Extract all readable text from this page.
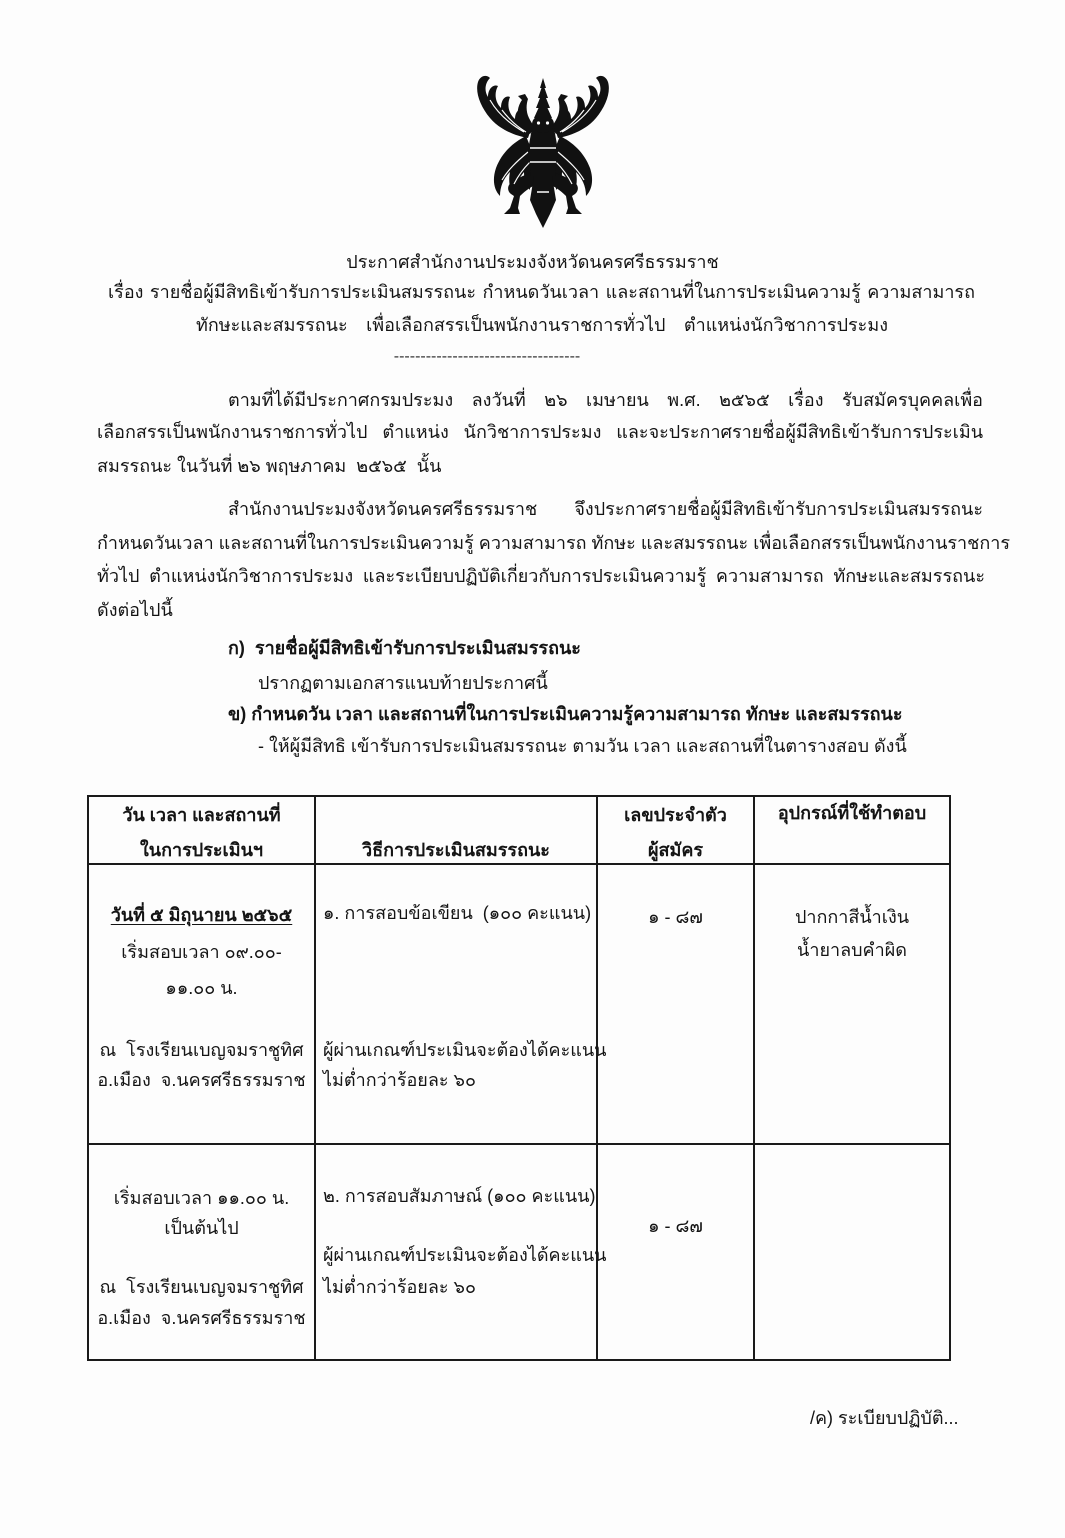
ประกาศสำนักงานประมงจังหวัดนครศรีธรรมราช
เรื่อง รายชื่อผู้มีสิทธิเข้ารับการประเมินสมรรถนะ กำหนดวันเวลา และสถานที่ในการประเมินความรู้ ความสามารถ
ทักษะและสมรรถนะ เพื่อเลือกสรรเป็นพนักงานราชการทั่วไป ตำแหน่งนักวิชาการประมง
-----------------------------------
ตามที่ได้มีประกาศกรมประมง ลงวันที่ ๒๖ เมษายน พ.ศ. ๒๕๖๕ เรื่อง รับสมัครบุคคลเพื่อ
เลือกสรรเป็นพนักงานราชการทั่วไป ตำแหน่ง นักวิชาการประมง และจะประกาศรายชื่อผู้มีสิทธิเข้ารับการประเมิน
สมรรถนะ ในวันที่ ๒๖ พฤษภาคม  ๒๕๖๕  นั้น
สำนักงานประมงจังหวัดนครศรีธรรมราช จึงประกาศรายชื่อผู้มีสิทธิเข้ารับการประเมินสมรรถนะ
กำหนดวันเวลา และสถานที่ในการประเมินความรู้ ความสามารถ ทักษะ และสมรรถนะ เพื่อเลือกสรรเป็นพนักงานราชการ
ทั่วไป ตำแหน่งนักวิชาการประมง และระเบียบปฏิบัติเกี่ยวกับการประเมินความรู้ ความสามารถ ทักษะและสมรรถนะ
ดังต่อไปนี้
ก)  รายชื่อผู้มีสิทธิเข้ารับการประเมินสมรรถนะ
ปรากฏตามเอกสารแนบท้ายประกาศนี้
ข) กำหนดวัน เวลา และสถานที่ในการประเมินความรู้ความสามารถ ทักษะ และสมรรถนะ
- ให้ผู้มีสิทธิ เข้ารับการประเมินสมรรถนะ ตามวัน เวลา และสถานที่ในตารางสอบ ดังนี้
วัน เวลา และสถานที่
ในการประเมินฯ	วิธีการประเมินสมรรถนะ
เลขประจำตัว
ผู้สมัคร
อุปกรณ์ที่ใช้ทำตอบ
วันที่ ๕ มิถุนายน ๒๕๖๕
เริ่มสอบเวลา ๐๙.๐๐-
๑๑.๐๐ น.
ณ  โรงเรียนเบญจมราชูทิศ
อ.เมือง  จ.นครศรีธรรมราช
๑. การสอบข้อเขียน  (๑๐๐ คะแนน)
ผู้ผ่านเกณฑ์ประเมินจะต้องได้คะแนน
ไม่ต่ำกว่าร้อยละ ๖๐
๑ - ๘๗	ปากกาสีน้ำเงิน
น้ำยาลบคำผิด
เริ่มสอบเวลา ๑๑.๐๐ น.
เป็นต้นไป
ณ  โรงเรียนเบญจมราชูทิศ
อ.เมือง  จ.นครศรีธรรมราช
๒. การสอบสัมภาษณ์ (๑๐๐ คะแนน)
ผู้ผ่านเกณฑ์ประเมินจะต้องได้คะแนน
ไม่ต่ำกว่าร้อยละ ๖๐
๑ - ๘๗
/ค) ระเบียบปฏิบัติ...
